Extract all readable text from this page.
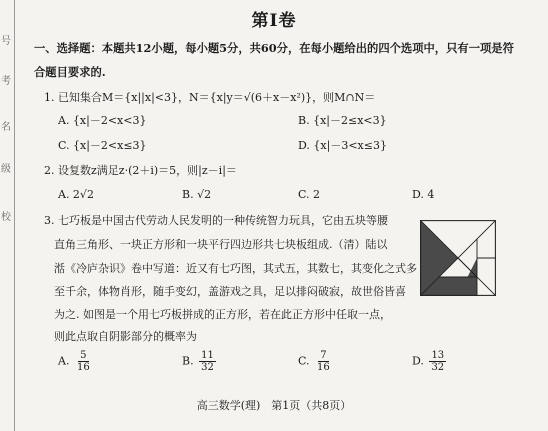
号
考
名
级
校
第Ⅰ卷
一、选择题：本题共12小题，每小题5分，共60分，在每小题给出的四个选项中，只有一项是符
合题目要求的.
1. 已知集合M＝{x||x|<3}，N＝{x|y＝√(6＋x－x²)}，则M∩N＝
A. {x|－2<x<3}	B. {x|－2≤x<3}
C. {x|－2<x≤3}	D. {x|－3<x≤3}
2. 设复数z满足z·(2＋i)＝5，则|z－i|＝
A. 2√2	B. √2	C. 2	D. 4
3. 七巧板是中国古代劳动人民发明的一种传统智力玩具，它由五块等腰
直角三角形、一块正方形和一块平行四边形共七块板组成.（清）陆以
湉《冷庐杂识》卷中写道：近又有七巧图，其式五，其数七，其变化之式多
至千余，体物肖形，随手变幻，盖游戏之具，足以排闷破寂，故世俗皆喜
为之. 如图是一个用七巧板拼成的正方形，若在此正方形中任取一点，
则此点取自阴影部分的概率为
A. $\frac{5}{16}$	B. $\frac{11}{32}$	C. $\frac{7}{16}$	D. $\frac{13}{32}$
高三数学(理)　第1页（共8页）
